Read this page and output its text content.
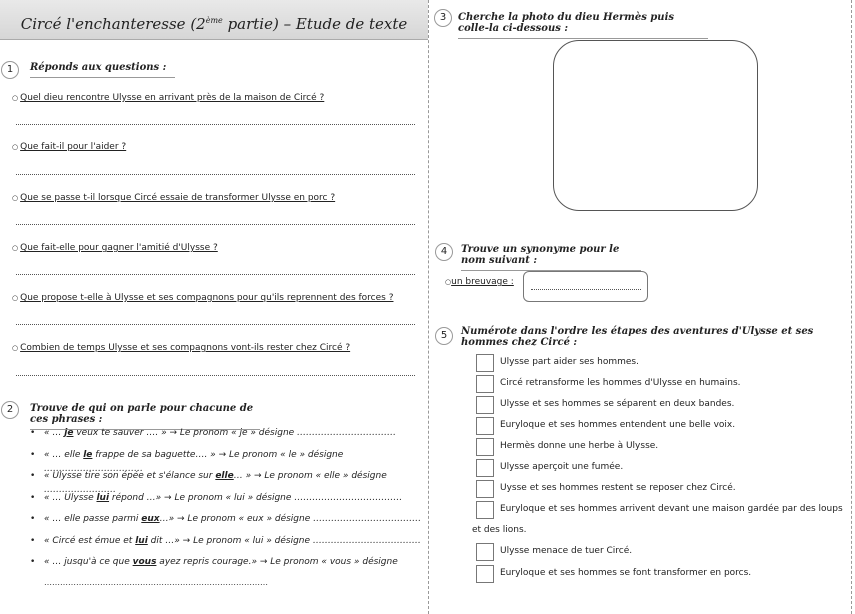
Circé l'enchanteresse (2ème partie) – Etude de texte
1	Réponds aux questions :
○ Quel dieu rencontre Ulysse en arrivant près de la maison de Circé ?
○ Que fait-il pour l'aider ?
○ Que se passe t-il lorsque Circé essaie de transformer Ulysse en porc ?
○ Que fait-elle pour gagner l'amitié d'Ulysse ?
○ Que propose t-elle à Ulysse et ses compagnons pour qu'ils reprennent des forces ?
○ Combien de temps Ulysse et ses compagnons vont-ils rester chez Circé ?
2	Trouve de qui on parle pour chacune de ces phrases :
• « … je veux te sauver …. » → Le pronom « je » désigne ……………………………
• « … elle le frappe de sa baguette…. » → Le pronom « le » désigne ……………………………
• « Ulysse tire son épée et s'élance sur elle… » → Le pronom « elle » désigne ……………………
• « … Ulysse lui répond …» → Le pronom « lui » désigne ………………………………
• « … elle passe parmi eux…» → Le pronom « eux » désigne ………………………………
• « Circé est émue et lui dit …» → Le pronom « lui » désigne ………………………………
• « … jusqu'à ce que vous ayez repris courage.» → Le pronom « vous » désigne
…………………………………………………………………………
3	Cherche la photo du dieu Hermès puis colle-la ci-dessous :
4	Trouve un synonyme pour le nom suivant :
○un breuvage :
5	Numérote dans l'ordre les étapes des aventures d'Ulysse et ses hommes chez Circé :
Ulysse part aider ses hommes.
Circé retransforme les hommes d'Ulysse en humains.
Ulysse et ses hommes se séparent en deux bandes.
Euryloque et ses hommes entendent une belle voix.
Hermès donne une herbe à Ulysse.
Ulysse aperçoit une fumée.
Uysse et ses hommes restent se reposer chez Circé.
Euryloque et ses hommes arrivent devant une maison gardée par des loups et des lions.
Ulysse menace de tuer Circé.
Euryloque et ses hommes se font transformer en porcs.
